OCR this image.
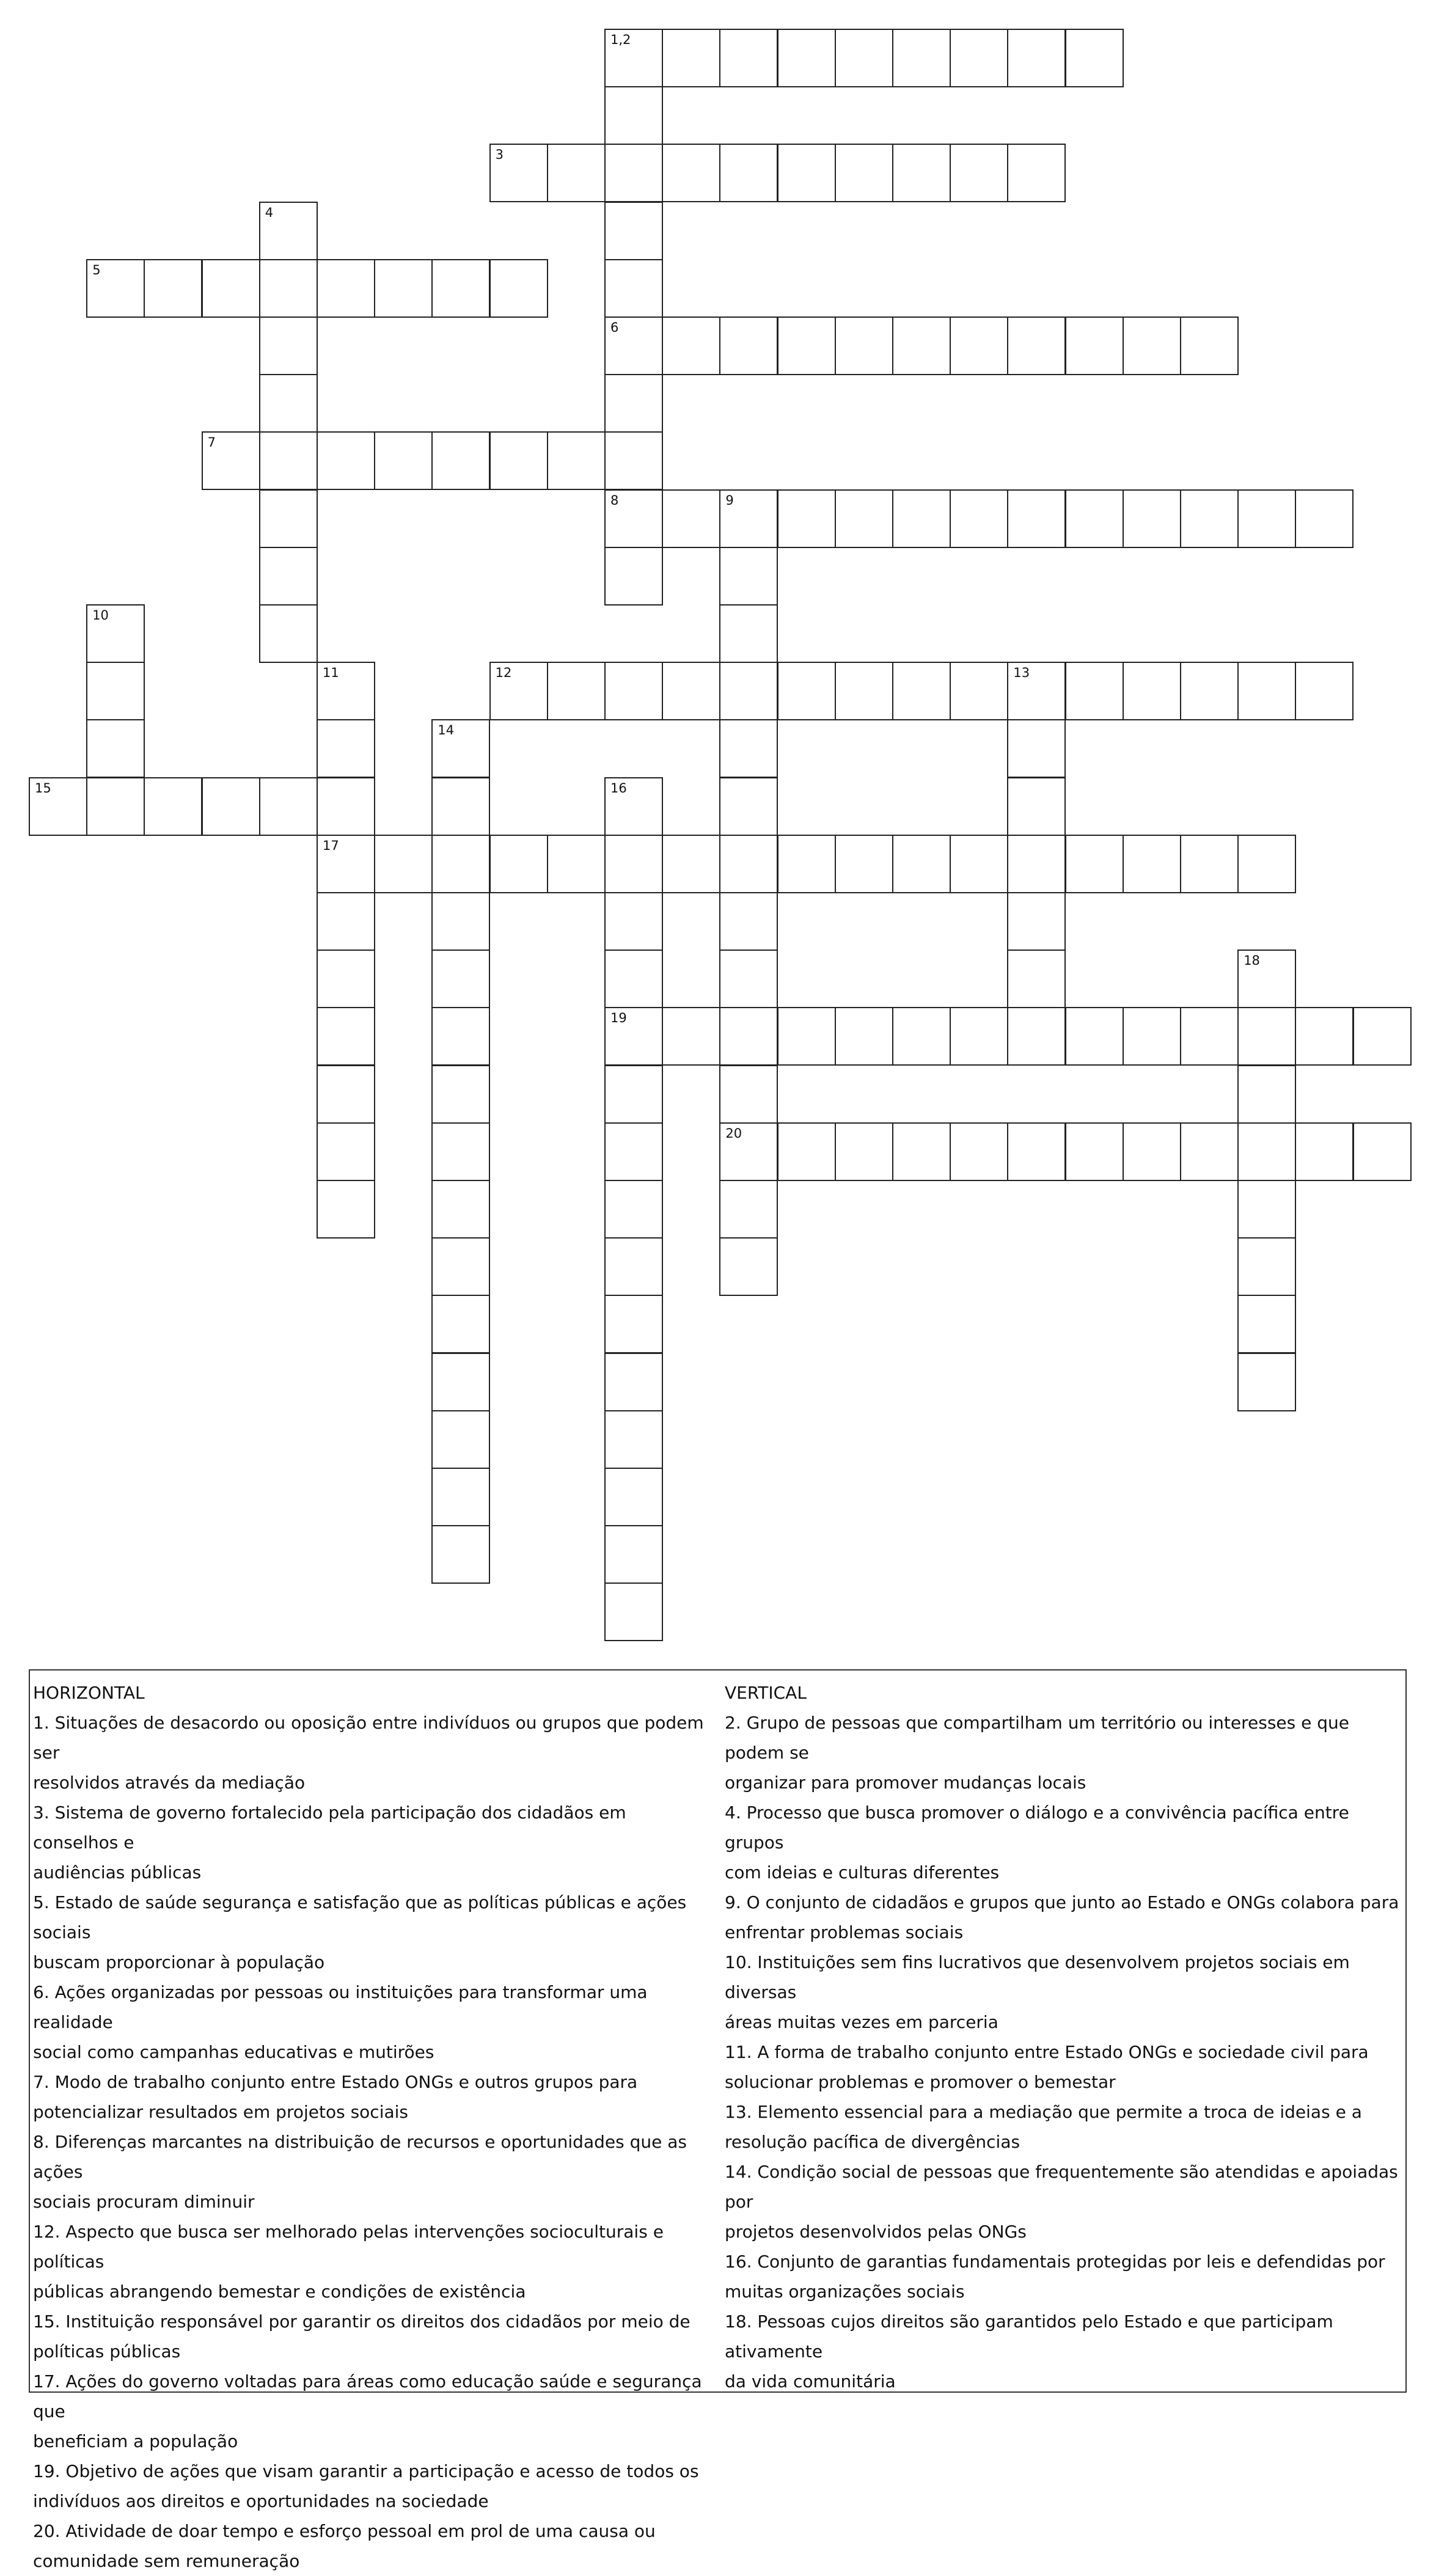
1,2
6
8
3
4
5
7
9
20
10
11
17
12	13
14
15	16
19
18

HORIZONTAL

1. Situações de desacordo ou oposição entre indivíduos ou grupos que podem ser

resolvidos através da mediação

3. Sistema de governo fortalecido pela participação dos cidadãos em conselhos e

audiências públicas

5. Estado de saúde segurança e satisfação que as políticas públicas e ações sociais

buscam proporcionar à população

6. Ações organizadas por pessoas ou instituições para transformar uma realidade

social como campanhas educativas e mutirões

7. Modo de trabalho conjunto entre Estado ONGs e outros grupos para

potencializar resultados em projetos sociais

8. Diferenças marcantes na distribuição de recursos e oportunidades que as ações

sociais procuram diminuir

12. Aspecto que busca ser melhorado pelas intervenções socioculturais e políticas

públicas abrangendo bemestar e condições de existência

15. Instituição responsável por garantir os direitos dos cidadãos por meio de

políticas públicas

17. Ações do governo voltadas para áreas como educação saúde e segurança que

beneficiam a população

19. Objetivo de ações que visam garantir a participação e acesso de todos os

indivíduos aos direitos e oportunidades na sociedade

20. Atividade de doar tempo e esforço pessoal em prol de uma causa ou

comunidade sem remuneração

VERTICAL

2. Grupo de pessoas que compartilham um território ou interesses e que podem se

organizar para promover mudanças locais

4. Processo que busca promover o diálogo e a convivência pacífica entre grupos

com ideias e culturas diferentes

9. O conjunto de cidadãos e grupos que junto ao Estado e ONGs colabora para

enfrentar problemas sociais

10. Instituições sem fins lucrativos que desenvolvem projetos sociais em diversas

áreas muitas vezes em parceria

11. A forma de trabalho conjunto entre Estado ONGs e sociedade civil para

solucionar problemas e promover o bemestar

13. Elemento essencial para a mediação que permite a troca de ideias e a

resolução pacífica de divergências

14. Condição social de pessoas que frequentemente são atendidas e apoiadas por

projetos desenvolvidos pelas ONGs

16. Conjunto de garantias fundamentais protegidas por leis e defendidas por

muitas organizações sociais

18. Pessoas cujos direitos são garantidos pelo Estado e que participam ativamente

da vida comunitária
